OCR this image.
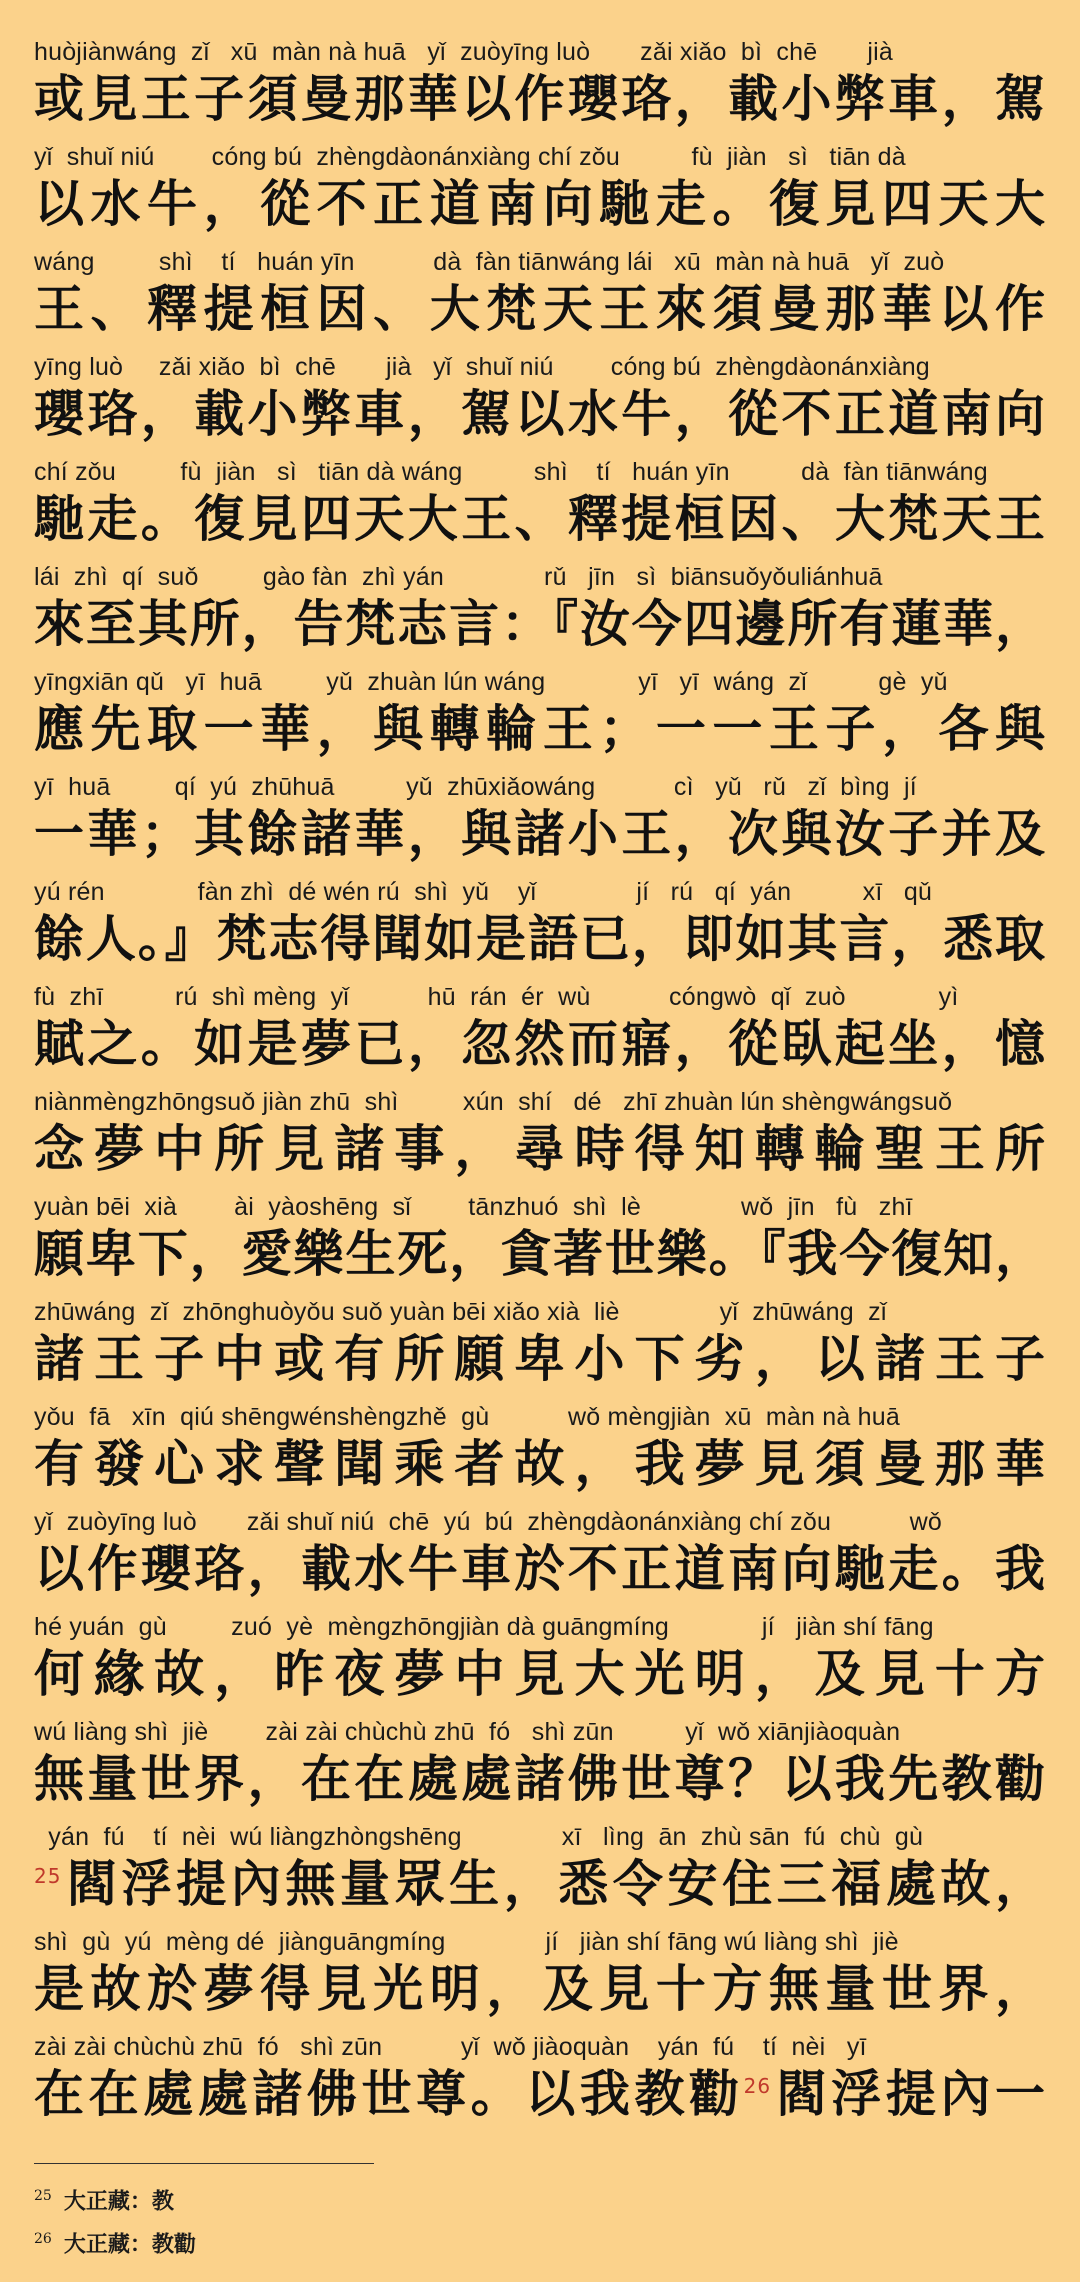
huòjiànwáng  zǐ   xū  màn nà huā   yǐ  zuòyīng luò       zǎi xiǎo  bì  chē       jià
或見王子須曼那華以作瓔珞，載小弊車，駕
yǐ  shuǐ niú        cóng bú  zhèngdàonánxiàng chí zǒu          fù  jiàn   sì   tiān dà
以水牛，從不正道南向馳走。復見四天大
wáng         shì    tí   huán yīn           dà  fàn tiānwáng lái   xū  màn nà huā   yǐ  zuò
王、釋提桓因、大梵天王來須曼那華以作
yīng luò     zǎi xiǎo  bì  chē       jià   yǐ  shuǐ niú        cóng bú  zhèngdàonánxiàng
瓔珞，載小弊車，駕以水牛，從不正道南向
chí zǒu         fù  jiàn   sì   tiān dà wáng          shì    tí   huán yīn          dà  fàn tiānwáng
馳走。復見四天大王、釋提桓因、大梵天王
lái  zhì  qí  suǒ         gào fàn  zhì yán              rǔ   jīn   sì  biānsuǒyǒuliánhuā
來至其所，告梵志言：『汝今四邊所有蓮華，
yīngxiān qǔ   yī  huā         yǔ  zhuàn lún wáng             yī   yī  wáng  zǐ          gè  yǔ
應先取一華，與轉輪王；一一王子，各與
yī  huā         qí  yú  zhūhuā          yǔ  zhūxiǎowáng           cì   yǔ   rǔ   zǐ  bìng  jí
一華；其餘諸華，與諸小王，次與汝子并及
yú rén             fàn zhì  dé wén rú  shì  yǔ    yǐ              jí   rú   qí  yán          xī   qǔ
餘人。』梵志得聞如是語已，即如其言，悉取
fù  zhī          rú  shì mèng  yǐ           hū  rán  ér  wù           cóngwò  qǐ  zuò             yì
賦之。如是夢已，忽然而寤，從臥起坐，憶
niànmèngzhōngsuǒ jiàn zhū  shì         xún  shí   dé   zhī zhuàn lún shèngwángsuǒ
念夢中所見諸事，尋時得知轉輪聖王所
yuàn bēi  xià        ài  yàoshēng  sǐ        tānzhuó  shì  lè              wǒ  jīn   fù   zhī
願卑下，愛樂生死，貪著世樂。『我今復知，
zhūwáng  zǐ  zhōnghuòyǒu suǒ yuàn bēi xiǎo xià  liè              yǐ  zhūwáng  zǐ
諸王子中或有所願卑小下劣，以諸王子
yǒu  fā   xīn  qiú shēngwénshèngzhě  gù           wǒ mèngjiàn  xū  màn nà huā
有發心求聲聞乘者故，我夢見須曼那華
yǐ  zuòyīng luò       zǎi shuǐ niú  chē  yú  bú  zhèngdàonánxiàng chí zǒu           wǒ
以作瓔珞，載水牛車於不正道南向馳走。我
hé yuán  gù         zuó  yè  mèngzhōngjiàn dà guāngmíng             jí   jiàn shí fāng
何緣故，昨夜夢中見大光明，及見十方
wú liàng shì  jiè        zài zài chùchù zhū  fó   shì zūn          yǐ  wǒ xiānjiàoquàn
無量世界，在在處處諸佛世尊？以我先教勸
yán  fú    tí  nèi  wú liàngzhòngshēng              xī   lìng  ān  zhù sān  fú  chù  gù
$^{25}$閻浮提內無量眾生，悉令安住三福處故，
shì  gù  yú  mèng dé  jiànguāngmíng              jí   jiàn shí fāng wú liàng shì  jiè
是故於夢得見光明，及見十方無量世界，
zài zài chùchù zhū  fó   shì zūn           yǐ  wǒ jiàoquàn    yán  fú    tí  nèi   yī
在在處處諸佛世尊。以我教勸$^{26}$閻浮提內一
$^{25}$ 大正藏：教
$^{26}$ 大正藏：教勸
